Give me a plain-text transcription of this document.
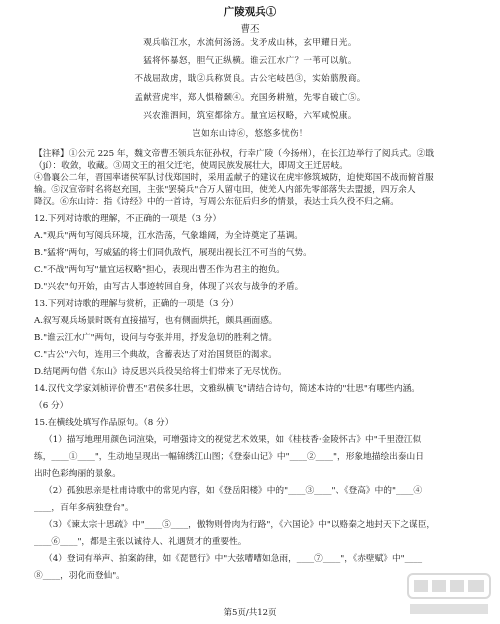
广陵观兵①
曹丕
观兵临江水，水流何汤汤。戈矛成山林，玄甲耀日光。
猛将怀暴怒，胆气正纵横。谁云江水广？一苇可以航。
不战屈敌虏，戢②兵称贤良。古公宅岐邑③，实始翦殷商。
孟献营虎牢，郑人惧稽颡④。充国务耕殖，先零自破亡⑤。
兴农淮泗间，筑室都徐方。量宜运权略，六军咸悦康。
岂如东山诗⑥，悠悠多忧伤！
【注释】①公元 225 年，魏文帝曹丕领兵东征孙权，行幸广陵（今扬州），在长江边举行了阅兵式。②戢
（jí）：收敛，收藏。③周文王的祖父迁宅，使周民族发展壮大，即周文王迁居岐。
④鲁襄公二年，晋国率诸侯军队讨伐郑国时，采用孟献子的建议在虎牢修筑城防，迫使郑国不战而俯首服
输。⑤汉宣帝时名将赵充国，主张"罢骑兵"合万人留屯田，使羌人内部先零部落失去盟援，四万余人
降汉。⑥东山诗：指《诗经》中的一首诗，写周公东征后归乡的情景，表达士兵久役不归之痛。
12.下列对诗歌的理解，不正确的一项是（3 分）
A."观兵"两句写阅兵环境，江水浩荡，气象雄阔，为全诗奠定了基调。
B."猛将"两句，写威猛的将士们同仇敌忾，展现出视长江不可当的气势。
C."不战"两句写"量宜运权略"担心，表现出曹丕作为君主的抱负。
D."兴农"句开始，由写古人事迹转回自身，体现了兴农与战争的矛盾。
13.下列对诗歌的理解与赏析，正确的一项是（3 分）
A.叙写观兵场景时既有直接描写，也有侧面烘托，颇具画面感。
B."谁云江水广"两句，设问与夸张并用，抒发急切的胜利之情。
C."古公"六句，连用三个典故，含蓄表达了对治国贤臣的渴求。
D.结尾两句借《东山》诗反思兴兵役吴给将士们带来了无尽忧伤。
14.汉代文学家刘桢评价曹丕"君侯多壮思，文雅纵横飞"请结合诗句，简述本诗的"壮思"有哪些内涵。
（6 分）
15.在横线处填写作品原句。（8 分）
（1）描写地理用颜色词渲染，可增强诗文的视觉艺术效果，如《桂枝香·金陵怀古》中"千里澄江似
练，____①____"，生动地呈现出一幅锦绣江山图；《登泰山记》中"____②____"，形象地描绘出泰山日
出时色彩绚丽的景象。
（2）孤独思亲是杜甫诗歌中的常见内容，如《登岳阳楼》中的"____③____"、《登高》中的"____④
____，百年多病独登台"。
（3）《谏太宗十思疏》中"____⑤____，傲物则骨肉为行路"，《六国论》中"以赂秦之地封天下之谋臣，
____⑥____"，都是主张以诚待人、礼遇贤才的重要性。
（4）登词有举声、拍案韵律，如《琵琶行》中"大弦嘈嘈如急雨，____⑦____"，《赤壁赋》中"____
⑧____，羽化而登仙"。
第5页/共12页
